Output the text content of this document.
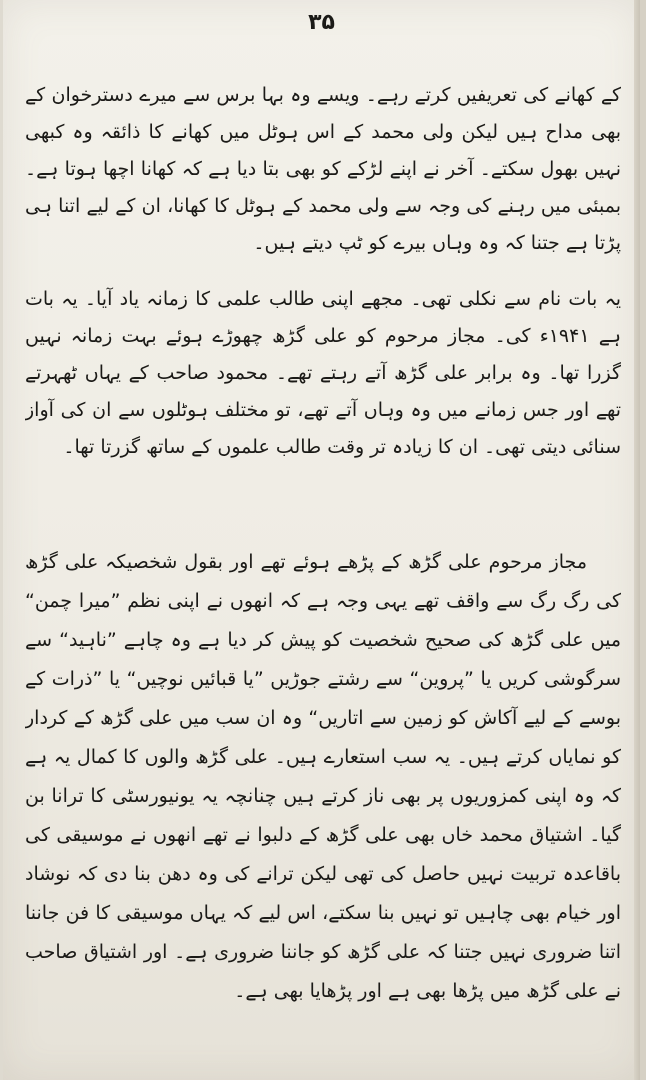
۳۵

کے کھانے کی تعریفیں کرتے رہے۔ ویسے وہ بہا برس سے میرے دسترخوان کے بھی مداح ہیں لیکن ولی محمد کے اس ہوٹل میں کھانے کا ذائقہ وہ کبھی نہیں بھول سکتے۔ آخر نے اپنے لڑکے کو بھی بتا دیا ہے کہ کھانا اچھا ہوتا ہے۔ بمبئی میں رہنے کی وجہ سے ولی محمد کے ہوٹل کا کھانا، ان کے لیے اتنا ہی پڑتا ہے جتنا کہ وہ وہاں بیرے کو ٹپ دیتے ہیں۔

یہ بات نام سے نکلی تھی۔ مجھے اپنی طالب علمی کا زمانہ یاد آیا۔ یہ بات ہے ۱۹۴۱ء کی۔ مجاز مرحوم کو علی گڑھ چھوڑے ہوئے بہت زمانہ نہیں گزرا تھا۔ وہ برابر علی گڑھ آتے رہتے تھے۔ محمود صاحب کے یہاں ٹھہرتے تھے اور جس زمانے میں وہ وہاں آتے تھے، تو مختلف ہوٹلوں سے ان کی آواز سنائی دیتی تھی۔ ان کا زیادہ تر وقت طالب علموں کے ساتھ گزرتا تھا۔

مجاز مرحوم علی گڑھ کے پڑھے ہوئے تھے اور بقول شخصیکہ علی گڑھ کی رگ رگ سے واقف تھے یہی وجہ ہے کہ انھوں نے اپنی نظم ”میرا چمن“ میں علی گڑھ کی صحیح شخصیت کو پیش کر دیا ہے وہ چاہے ”ناہید“ سے سرگوشی کریں یا ”پروین“ سے رشتے جوڑیں ”یا قبائیں نوچیں“ یا ”ذرات کے بوسے کے لیے آکاش کو زمین سے اتاریں“ وہ ان سب میں علی گڑھ کے کردار کو نمایاں کرتے ہیں۔ یہ سب استعارے ہیں۔ علی گڑھ والوں کا کمال یہ ہے کہ وہ اپنی کمزوریوں پر بھی ناز کرتے ہیں چنانچہ یہ یونیورسٹی کا ترانا بن گیا۔ اشتیاق محمد خاں بھی علی گڑھ کے دلبوا نے تھے انھوں نے موسیقی کی باقاعدہ تربیت نہیں حاصل کی تھی لیکن ترانے کی وہ دھن بنا دی کہ نوشاد اور خیام بھی چاہیں تو نہیں بنا سکتے، اس لیے کہ یہاں موسیقی کا فن جاننا اتنا ضروری نہیں جتنا کہ علی گڑھ کو جاننا ضروری ہے۔ اور اشتیاق صاحب نے علی گڑھ میں پڑھا بھی ہے اور پڑھایا بھی ہے۔
